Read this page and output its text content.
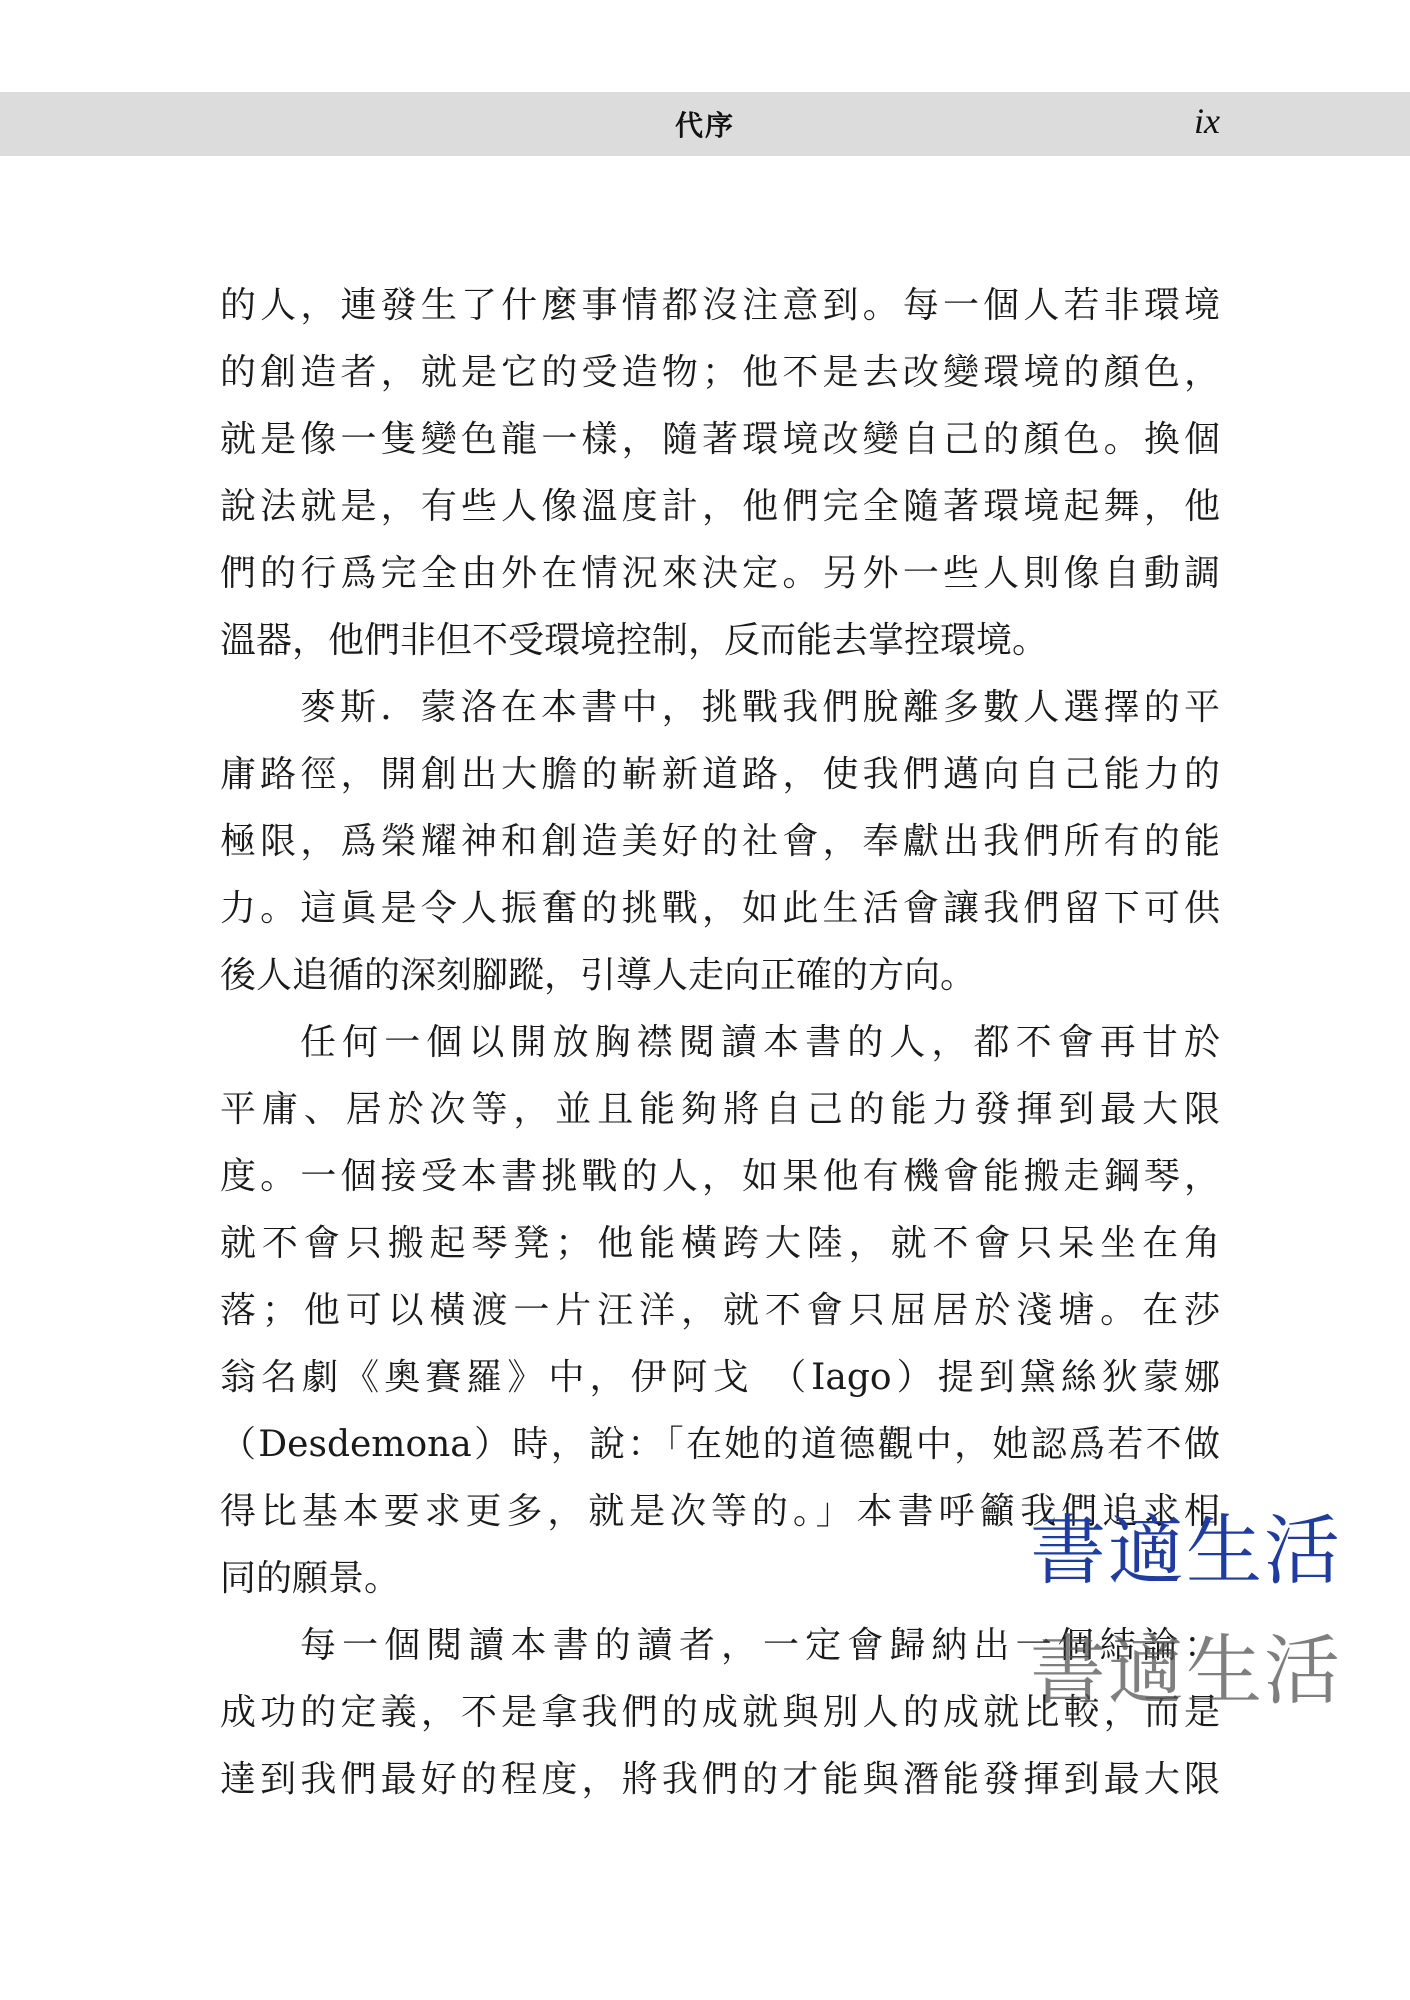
代序	ix
的人，連發生了什麼事情都沒注意到。每一個人若非環境
的創造者，就是它的受造物；他不是去改變環境的顏色，
就是像一隻變色龍一樣，隨著環境改變自己的顏色。換個
說法就是，有些人像溫度計，他們完全隨著環境起舞，他
們的行爲完全由外在情況來決定。另外一些人則像自動調
溫器，他們非但不受環境控制，反而能去掌控環境。
麥斯．蒙洛在本書中，挑戰我們脫離多數人選擇的平
庸路徑，開創出大膽的嶄新道路，使我們邁向自己能力的
極限，爲榮耀神和創造美好的社會，奉獻出我們所有的能
力。這眞是令人振奮的挑戰，如此生活會讓我們留下可供
後人追循的深刻腳蹤，引導人走向正確的方向。
任何一個以開放胸襟閱讀本書的人，都不會再甘於
平庸、居於次等，並且能夠將自己的能力發揮到最大限
度。一個接受本書挑戰的人，如果他有機會能搬走鋼琴，
就不會只搬起琴凳；他能橫跨大陸，就不會只呆坐在角
落；他可以橫渡一片汪洋，就不會只屈居於淺塘。在莎
翁名劇《奧賽羅》中，伊阿戈 （Iago）提到黛絲狄蒙娜
（Desdemona）時，說：「在她的道德觀中，她認爲若不做
得比基本要求更多，就是次等的。」本書呼籲我們追求相
同的願景。
每一個閱讀本書的讀者，一定會歸納出一個結論：
成功的定義，不是拿我們的成就與別人的成就比較，而是
達到我們最好的程度，將我們的才能與潛能發揮到最大限
書適生活
書適生活
